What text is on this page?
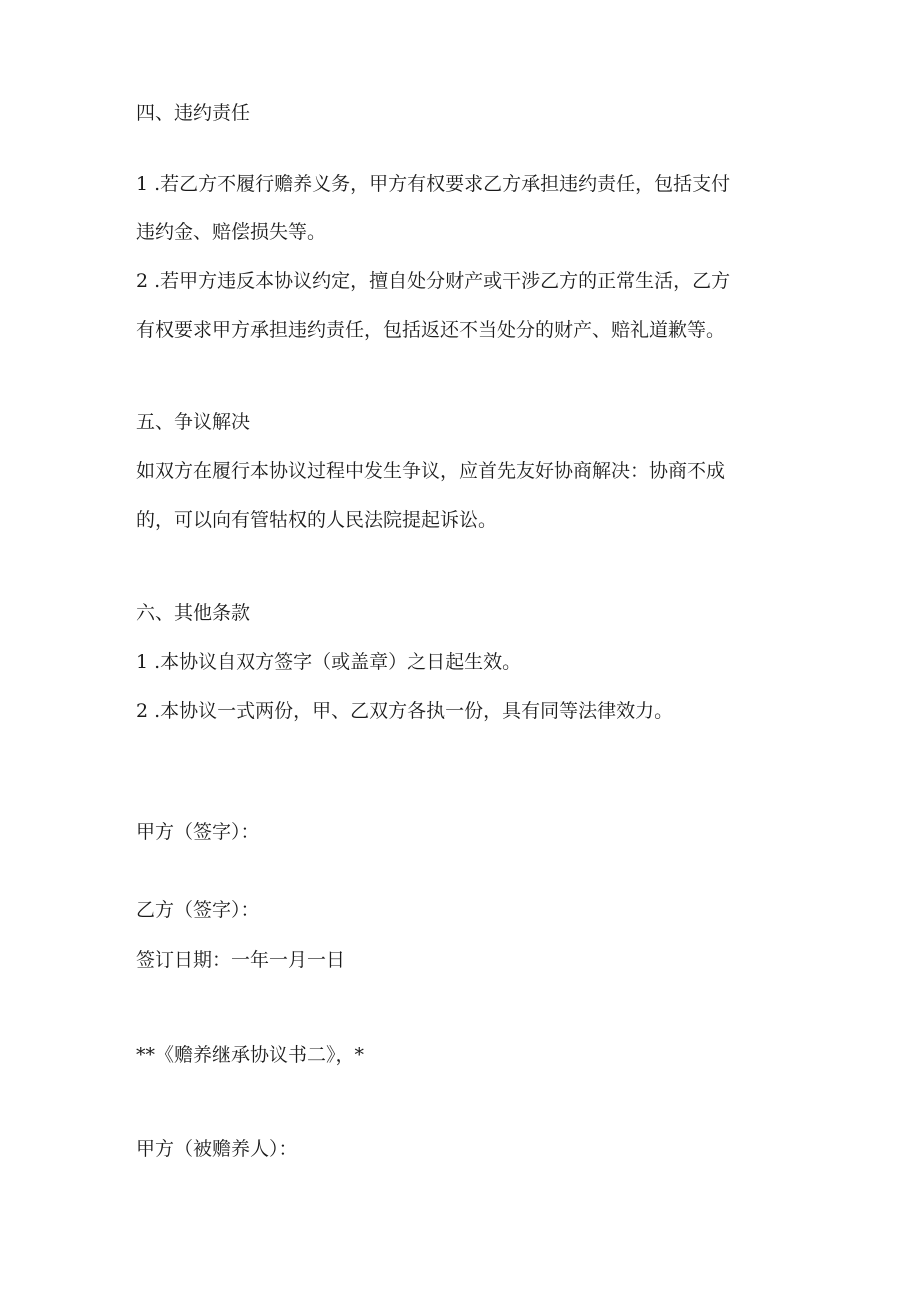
四、违约责任
1 .若乙方不履行赡养义务，甲方有权要求乙方承担违约责任，包括支付
违约金、赔偿损失等。
2 .若甲方违反本协议约定，擅自处分财产或干涉乙方的正常生活，乙方
有权要求甲方承担违约责任，包括返还不当处分的财产、赔礼道歉等。
五、争议解决
如双方在履行本协议过程中发生争议，应首先友好协商解决：协商不成
的，可以向有管牯权的人民法院提起诉讼。
六、其他条款
1 .本协议自双方签字（或盖章）之日起生效。
2 .本协议一式两份，甲、乙双方各执一份，具有同等法律效力。
甲方（签字）：
乙方（签字）：
签订日期：一年一月一日
**《赡养继承协议书二》，*
甲方（被赡养人）：
